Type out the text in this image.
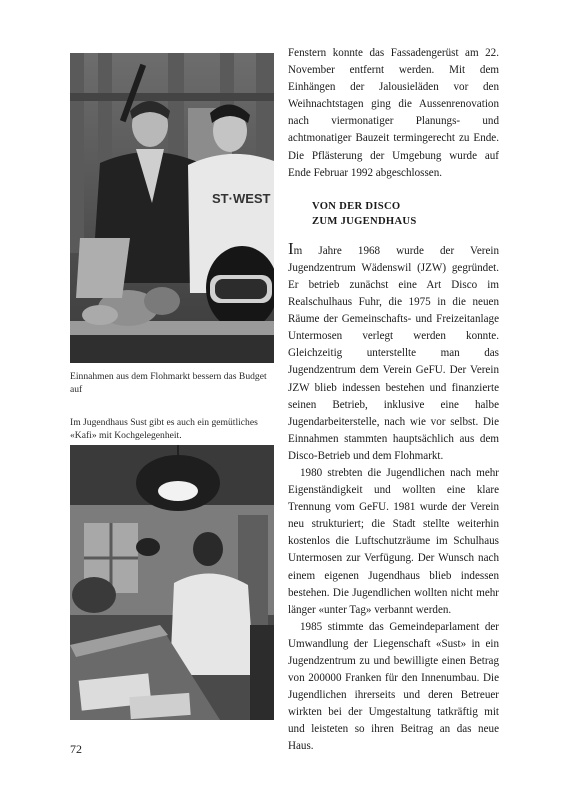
ST·WEST
Einnahmen aus dem Flohmarkt bessern das Budget auf
Im Jugendhaus Sust gibt es auch ein gemütliches «Kafi» mit Kochgelegenheit.

Fenstern konnte das Fassadengerüst am 22. November entfernt werden. Mit dem Einhängen der Jalousieläden vor den Weihnachtstagen ging die Aussenrenovation nach viermonatiger Planungs- und achtmonatiger Bauzeit termingerecht zu Ende. Die Pflästerung der Umgebung wurde auf Ende Februar 1992 abgeschlossen.

VON DER DISCO
ZUM JUGENDHAUS

Im Jahre 1968 wurde der Verein Jugendzentrum Wädenswil (JZW) gegründet. Er betrieb zunächst eine Art Disco im Realschulhaus Fuhr, die 1975 in die neuen Räume der Gemeinschafts- und Freizeitanlage Untermosen verlegt werden konnte. Gleichzeitig unterstellte man das Jugendzentrum dem Verein GeFU. Der Verein JZW blieb indessen bestehen und finanzierte seinen Betrieb, inklusive eine halbe Jugendarbeiterstelle, nach wie vor selbst. Die Einnahmen stammten hauptsächlich aus dem Disco-Betrieb und dem Flohmarkt.

1980 strebten die Jugendlichen nach mehr Eigenständigkeit und wollten eine klare Trennung vom GeFU. 1981 wurde der Verein neu strukturiert; die Stadt stellte weiterhin kostenlos die Luftschutzräume im Schulhaus Untermosen zur Verfügung. Der Wunsch nach einem eigenen Jugendhaus blieb indessen bestehen. Die Jugendlichen wollten nicht mehr länger «unter Tag» verbannt werden.

1985 stimmte das Gemeindeparlament der Umwandlung der Liegenschaft «Sust» in ein Jugendzentrum zu und bewilligte einen Betrag von 200000 Franken für den Innenumbau. Die Jugendlichen ihrerseits und deren Betreuer wirkten bei der Umgestaltung tatkräftig mit und leisteten so ihren Beitrag an das neue Haus.

72
